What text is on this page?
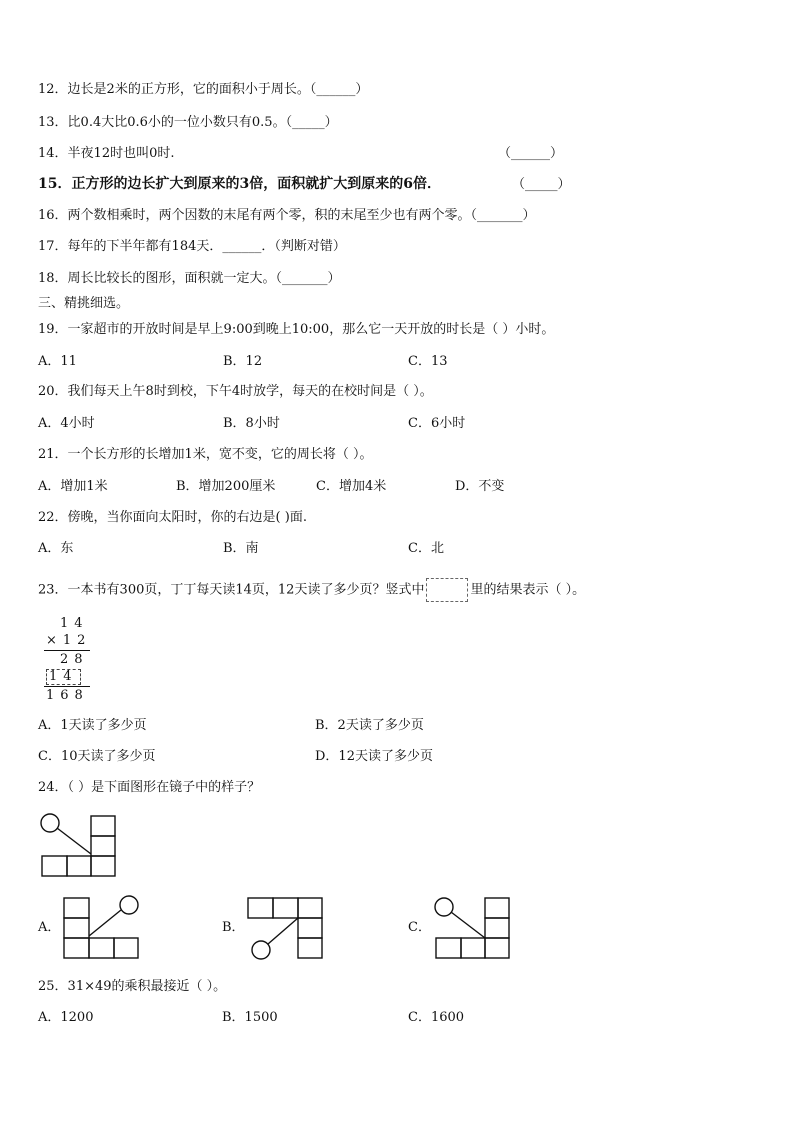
12．边长是2米的正方形，它的面积小于周长。（______）
13．比0.4大比0.6小的一位小数只有0.5。（_____）
14．半夜12时也叫0时.	（______）
15．正方形的边长扩大到原来的3倍，面积就扩大到原来的6倍．	（_____）
16．两个数相乘时，两个因数的末尾有两个零，积的末尾至少也有两个零。（_______）
17．每年的下半年都有184天．______．（判断对错）
18．周长比较长的图形，面积就一定大。（_______）
三、精挑细选。
19．一家超市的开放时间是早上9:00到晚上10:00，那么它一天开放的时长是（ ）小时。
A．11	B．12	C．13
20．我们每天上午8时到校，下午4时放学，每天的在校时间是（ ）。
A．4小时	B．8小时	C．6小时
21．一个长方形的长增加1米，宽不变，它的周长将（ ）。
A．增加1米	B．增加200厘米	C．增加4米	D．不变
22．傍晚，当你面向太阳时，你的右边是( )面.
A．东	B．南	C．北
23．一本书有300页，丁丁每天读14页，12天读了多少页？竖式中	里的结果表示（ ）。
14
×12
28
14
168
A．1天读了多少页	B．2天读了多少页
C．10天读了多少页	D．12天读了多少页
24．（ ）是下面图形在镜子中的样子？
A．	B．	C．
25．31×49的乘积最接近（ ）。
A．1200	B．1500	C．1600
